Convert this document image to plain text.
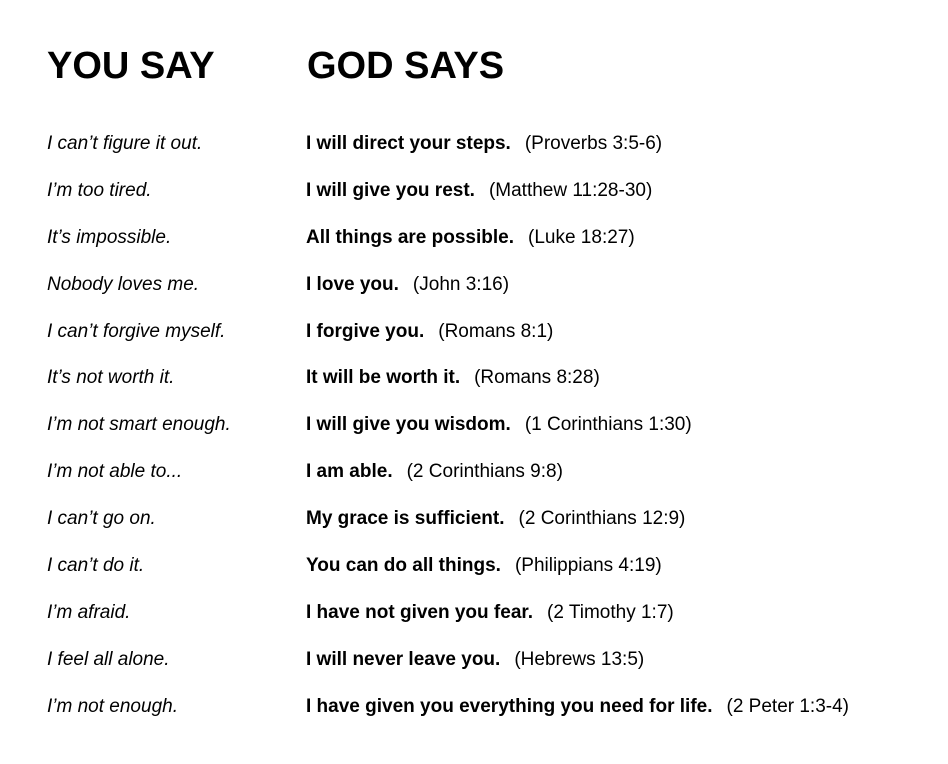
YOU SAY GOD SAYS
I can’t figure it out.	I will direct your steps. (Proverbs 3:5-6)
I’m too tired.	I will give you rest. (Matthew 11:28-30)
It’s impossible.	All things are possible. (Luke 18:27)
Nobody loves me.	I love you. (John 3:16)
I can’t forgive myself.	I forgive you. (Romans 8:1)
It’s not worth it.	It will be worth it. (Romans 8:28)
I’m not smart enough.	I will give you wisdom. (1 Corinthians 1:30)
I’m not able to...	I am able. (2 Corinthians 9:8)
I can’t go on.	My grace is sufficient. (2 Corinthians 12:9)
I can’t do it.	You can do all things. (Philippians 4:19)
I’m afraid.	I have not given you fear. (2 Timothy 1:7)
I feel all alone.	I will never leave you. (Hebrews 13:5)
I’m not enough.	I have given you everything you need for life. (2 Peter 1:3-4)
